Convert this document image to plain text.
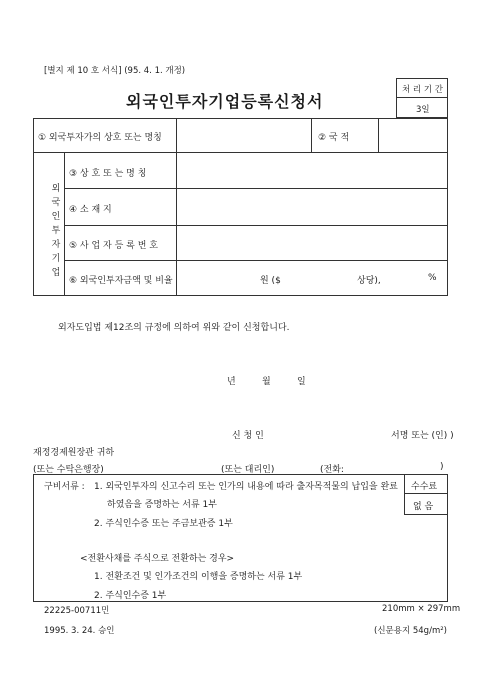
[별지 제 10 호 서식] (95. 4. 1. 개정)
외국인투자기업등록신청서
처 리 기 간
3일
① 외국투자가의 상호 또는 명칭	② 국 적
외
국
인
투
자
기
업
③ 상 호 또 는 명 칭
④ 소 재 지
⑤ 사 업 자 등 록 번 호
⑥ 외국인투자금액 및 비율	원 ($	상당),	%
외자도입법 제12조의 규정에 의하여 위와 같이 신청합니다.
년	월	일
신 청 인	서명 또는 (인) )
재정경제원장관 귀하
(또는 수탁은행장)	(또는 대리인)	(전화:	)
수수료
없 음
구비서류 : 1. 외국인투자의 신고수리 또는 인가의 내용에 따라 출자목적물의 납입을 완료
하였음을 증명하는 서류 1부
2. 주식인수증 또는 주금보관증 1부
<전환사채를 주식으로 전환하는 경우>
1. 전환조건 및 인가조건의 이행을 증명하는 서류 1부
2. 주식인수증 1부
22225-00711민	210mm × 297mm
1995. 3. 24. 승인	(신문용지 54g/m²)
